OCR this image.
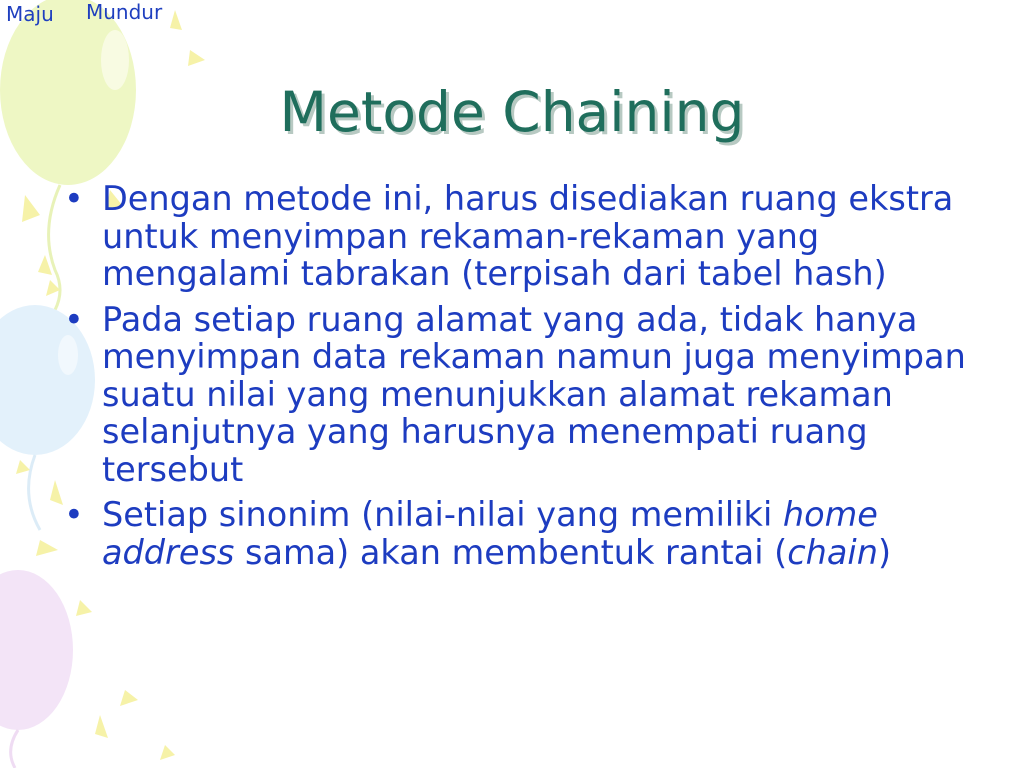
Maju Mundur
Metode Chaining
• Dengan metode ini, harus disediakan ruang ekstra untuk menyimpan rekaman-rekaman yang mengalami tabrakan (terpisah dari tabel hash)
• Pada setiap ruang alamat yang ada, tidak hanya menyimpan data rekaman namun juga menyimpan suatu nilai yang menunjukkan alamat rekaman selanjutnya yang harusnya menempati ruang tersebut
• Setiap sinonim (nilai-nilai yang memiliki home address sama) akan membentuk rantai (chain)
